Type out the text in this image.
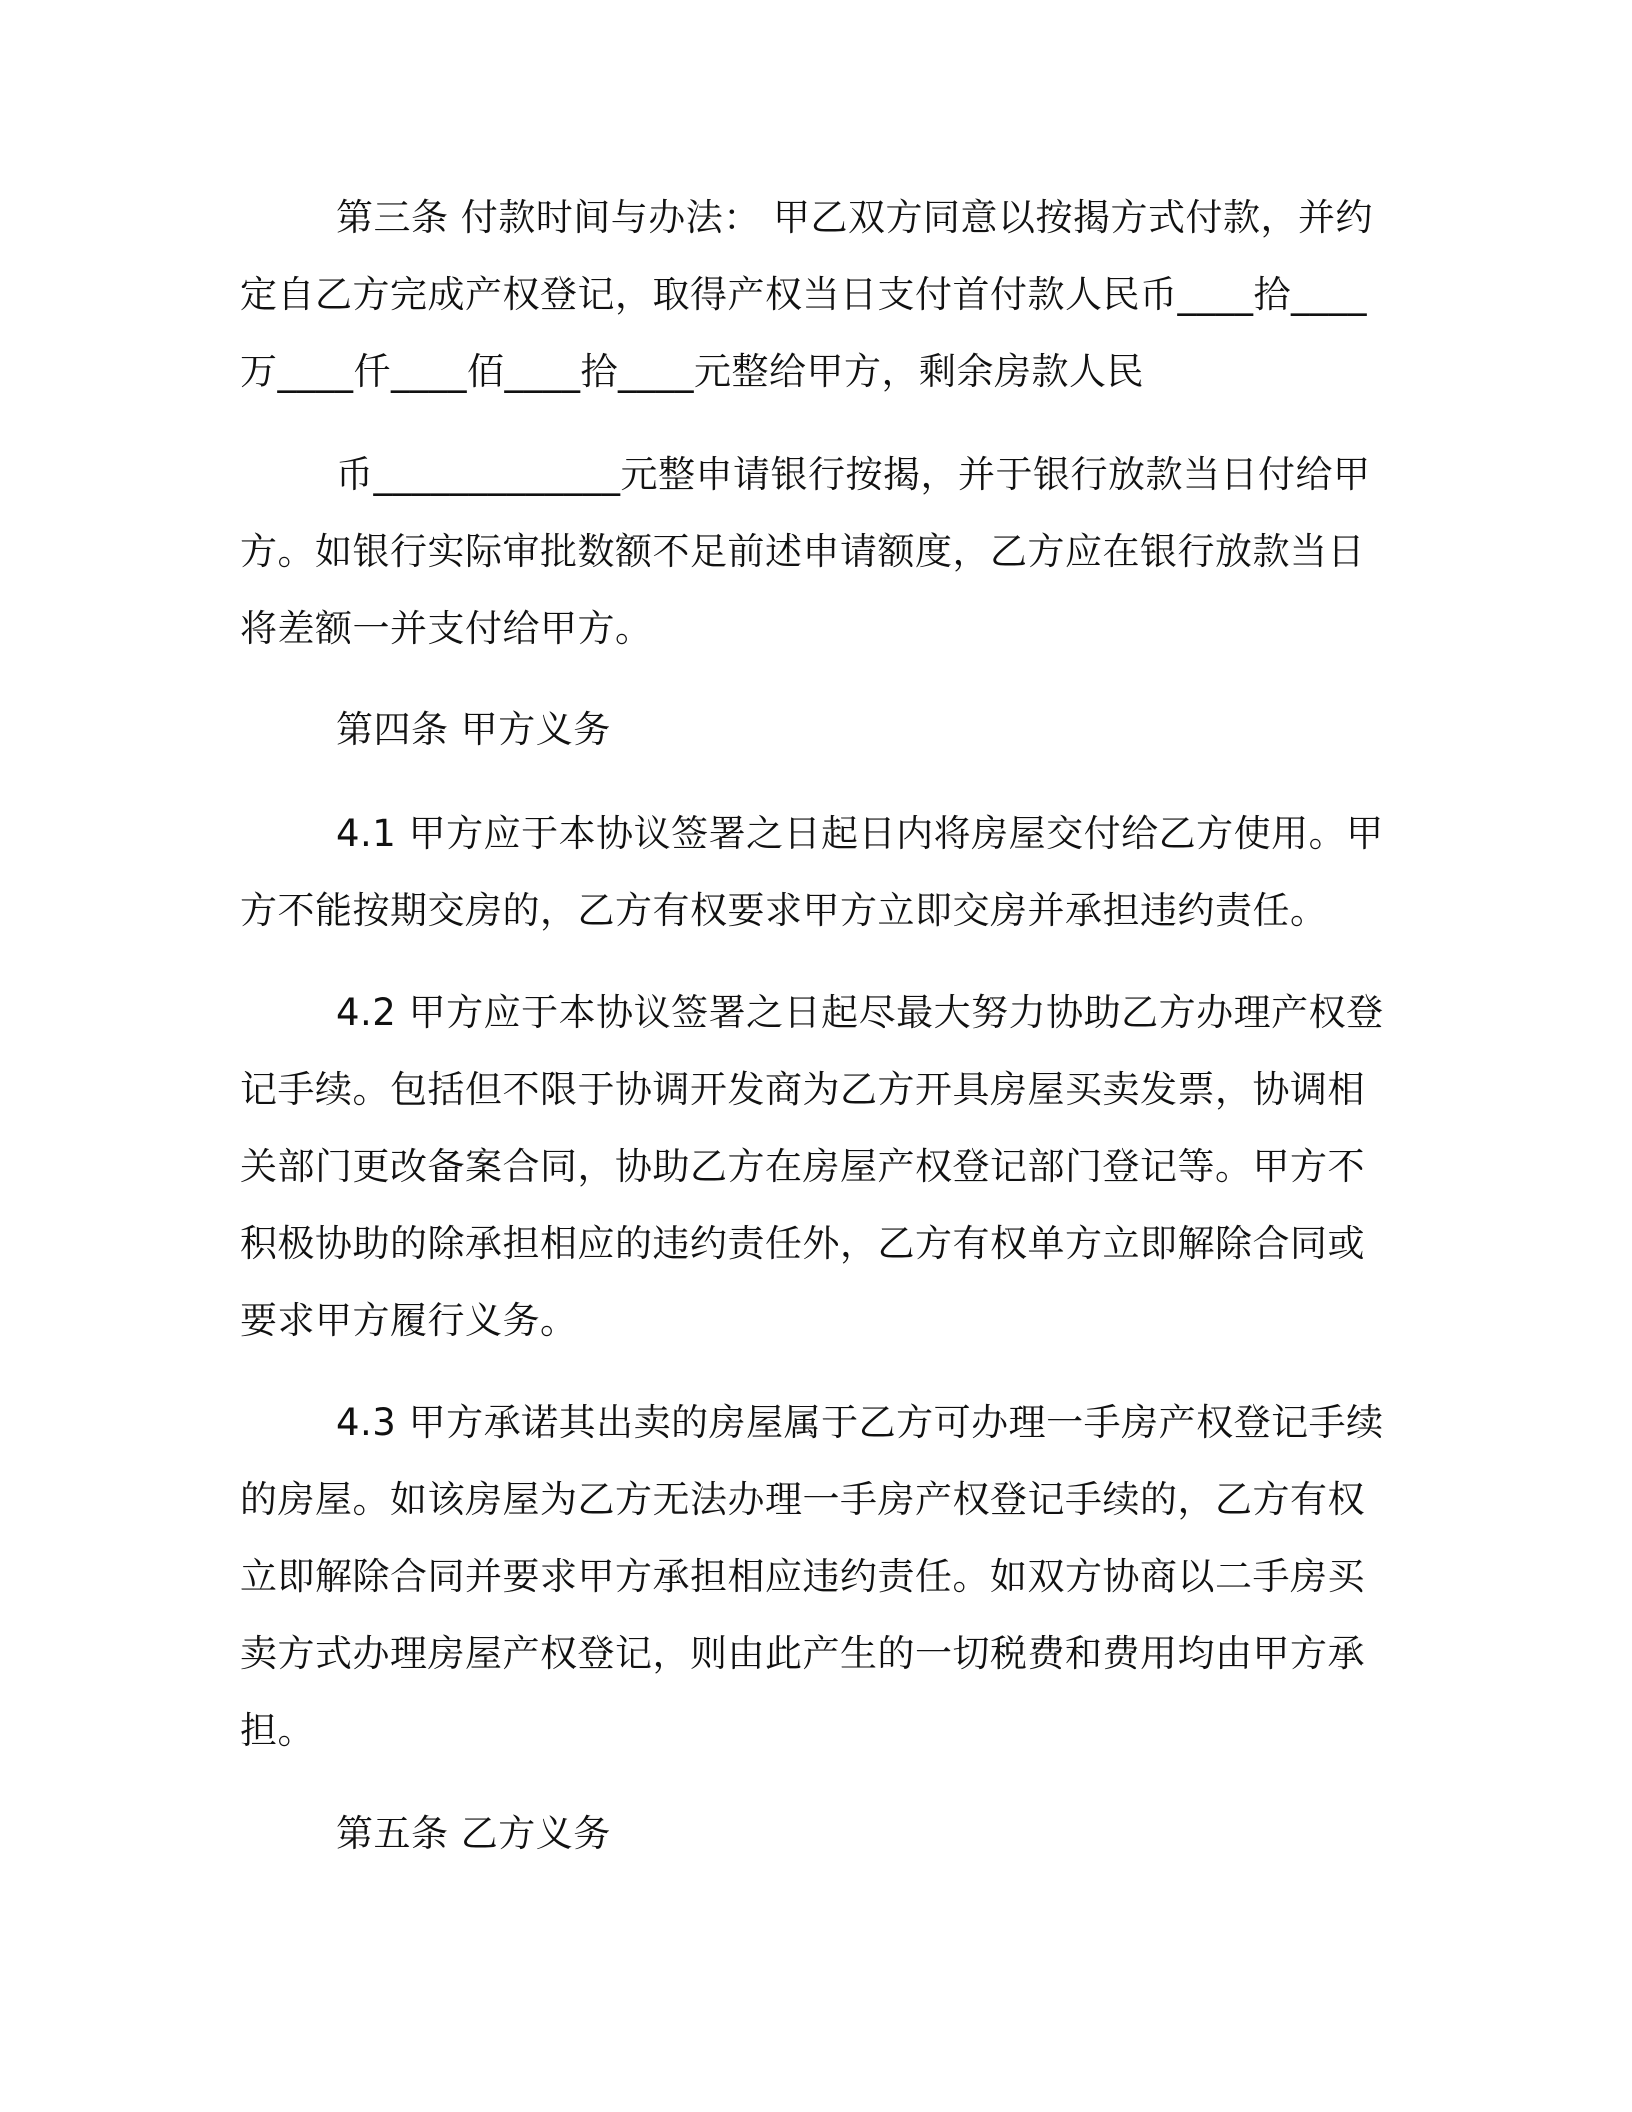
第三条 付款时间与办法： 甲乙双方同意以按揭方式付款，并约
定自乙方完成产权登记，取得产权当日支付首付款人民币____拾____
万____仟____佰____拾____元整给甲方，剩余房款人民
币_____________元整申请银行按揭，并于银行放款当日付给甲
方。如银行实际审批数额不足前述申请额度，乙方应在银行放款当日
将差额一并支付给甲方。
第四条 甲方义务
4.1 甲方应于本协议签署之日起日内将房屋交付给乙方使用。甲
方不能按期交房的，乙方有权要求甲方立即交房并承担违约责任。
4.2 甲方应于本协议签署之日起尽最大努力协助乙方办理产权登
记手续。包括但不限于协调开发商为乙方开具房屋买卖发票，协调相
关部门更改备案合同，协助乙方在房屋产权登记部门登记等。甲方不
积极协助的除承担相应的违约责任外，乙方有权单方立即解除合同或
要求甲方履行义务。
4.3 甲方承诺其出卖的房屋属于乙方可办理一手房产权登记手续
的房屋。如该房屋为乙方无法办理一手房产权登记手续的，乙方有权
立即解除合同并要求甲方承担相应违约责任。如双方协商以二手房买
卖方式办理房屋产权登记，则由此产生的一切税费和费用均由甲方承
担。
第五条 乙方义务
